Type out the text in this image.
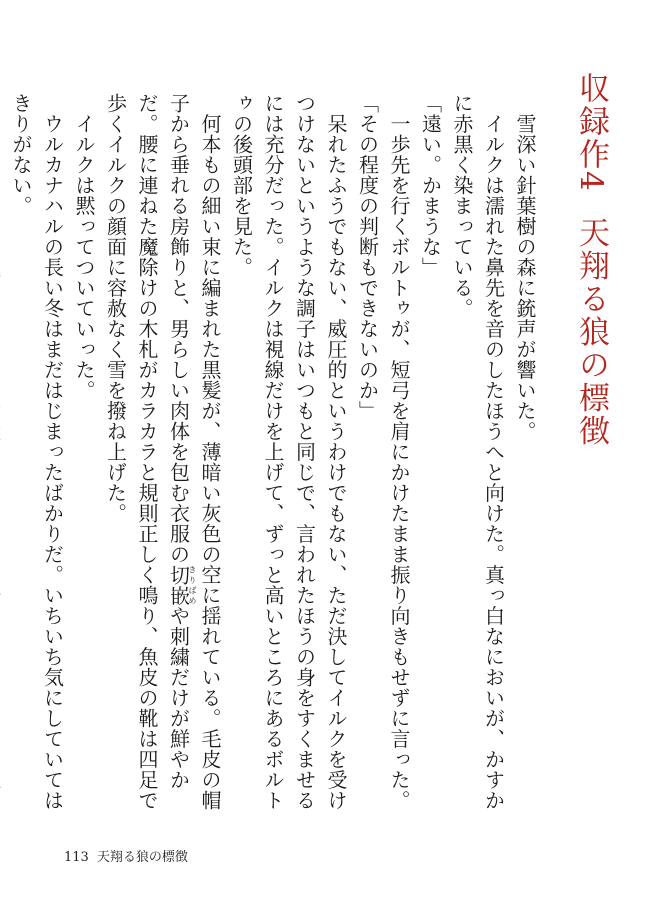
収録作4天翔る狼の標徴

　雪深い針葉樹の森に銃声が響いた。

　イルクは濡れた鼻先を音のしたほうへと向けた。真っ白なにおいが、かすかに赤黒く染まっている。

「遠い。かまうな」

　一歩先を行くボルトゥが、短弓を肩にかけたまま振り向きもせずに言った。

「その程度の判断もできないのか」

　呆れたふうでもない、威圧的というわけでもない、ただ決してイルクを受けつけないというような調子はいつもと同じで、言われたほうの身をすくませるには充分だった。イルクは視線だけを上げて、ずっと高いところにあるボルトゥの後頭部を見た。

　何本もの細い束に編まれた黒髪が、薄暗い灰色の空に揺れている。毛皮の帽子から垂れる房飾りと、男らしい肉体を包む衣服の切嵌きりばめや刺繍だけが鮮やかだ。腰に連ねた魔除けの木札がカラカラと規則正しく鳴り、魚皮の靴は四足で歩くイルクの顔面に容赦なく雪を撥ね上げた。

　イルクは黙ってついていった。

　ウルカナハルの長い冬はまだはじまったばかりだ。いちいち気にしていてはきりがない。

113 天翔る狼の標徴
